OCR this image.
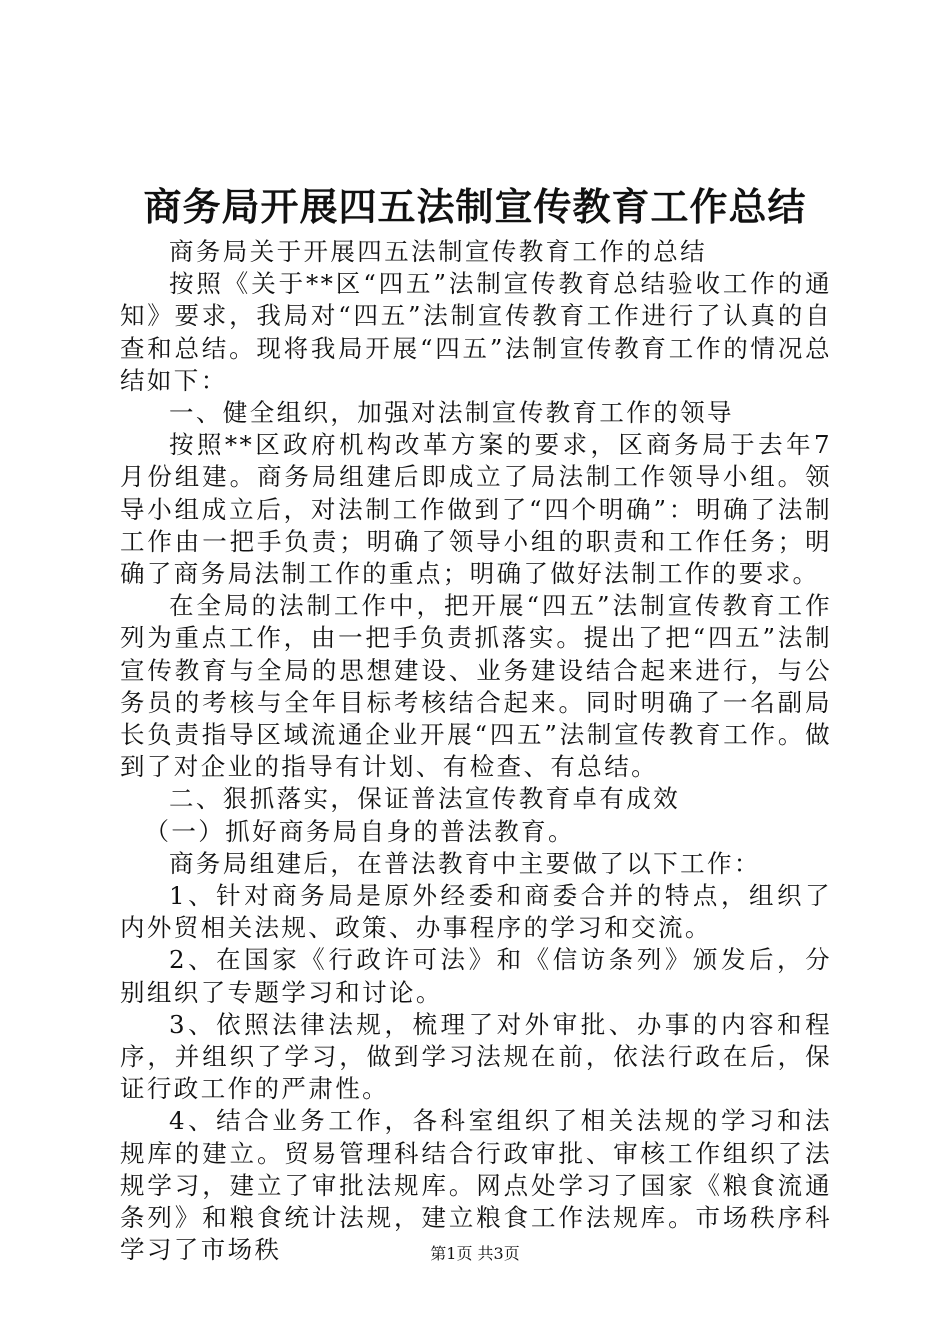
商务局开展四五法制宣传教育工作总结

商务局关于开展四五法制宣传教育工作的总结

按照《关于**区“四五”法制宣传教育总结验收工作的通知》要求，我局对“四五”法制宣传教育工作进行了认真的自查和总结。现将我局开展“四五”法制宣传教育工作的情况总结如下：

一、健全组织，加强对法制宣传教育工作的领导

按照**区政府机构改革方案的要求，区商务局于去年7月份组建。商务局组建后即成立了局法制工作领导小组。领导小组成立后，对法制工作做到了“四个明确”：明确了法制工作由一把手负责；明确了领导小组的职责和工作任务；明确了商务局法制工作的重点；明确了做好法制工作的要求。

在全局的法制工作中，把开展“四五”法制宣传教育工作列为重点工作，由一把手负责抓落实。提出了把“四五”法制宣传教育与全局的思想建设、业务建设结合起来进行，与公务员的考核与全年目标考核结合起来。同时明确了一名副局长负责指导区域流通企业开展“四五”法制宣传教育工作。做到了对企业的指导有计划、有检查、有总结。

二、狠抓落实，保证普法宣传教育卓有成效

（一）抓好商务局自身的普法教育。

商务局组建后，在普法教育中主要做了以下工作：

1、针对商务局是原外经委和商委合并的特点，组织了内外贸相关法规、政策、办事程序的学习和交流。

2、在国家《行政许可法》和《信访条列》颁发后，分别组织了专题学习和讨论。

3、依照法律法规，梳理了对外审批、办事的内容和程序，并组织了学习，做到学习法规在前，依法行政在后，保证行政工作的严肃性。

4、结合业务工作，各科室组织了相关法规的学习和法规库的建立。贸易管理科结合行政审批、审核工作组织了法规学习，建立了审批法规库。网点处学习了国家《粮食流通条列》和粮食统计法规，建立粮食工作法规库。市场秩序科学习了市场秩	第1页 共3页
